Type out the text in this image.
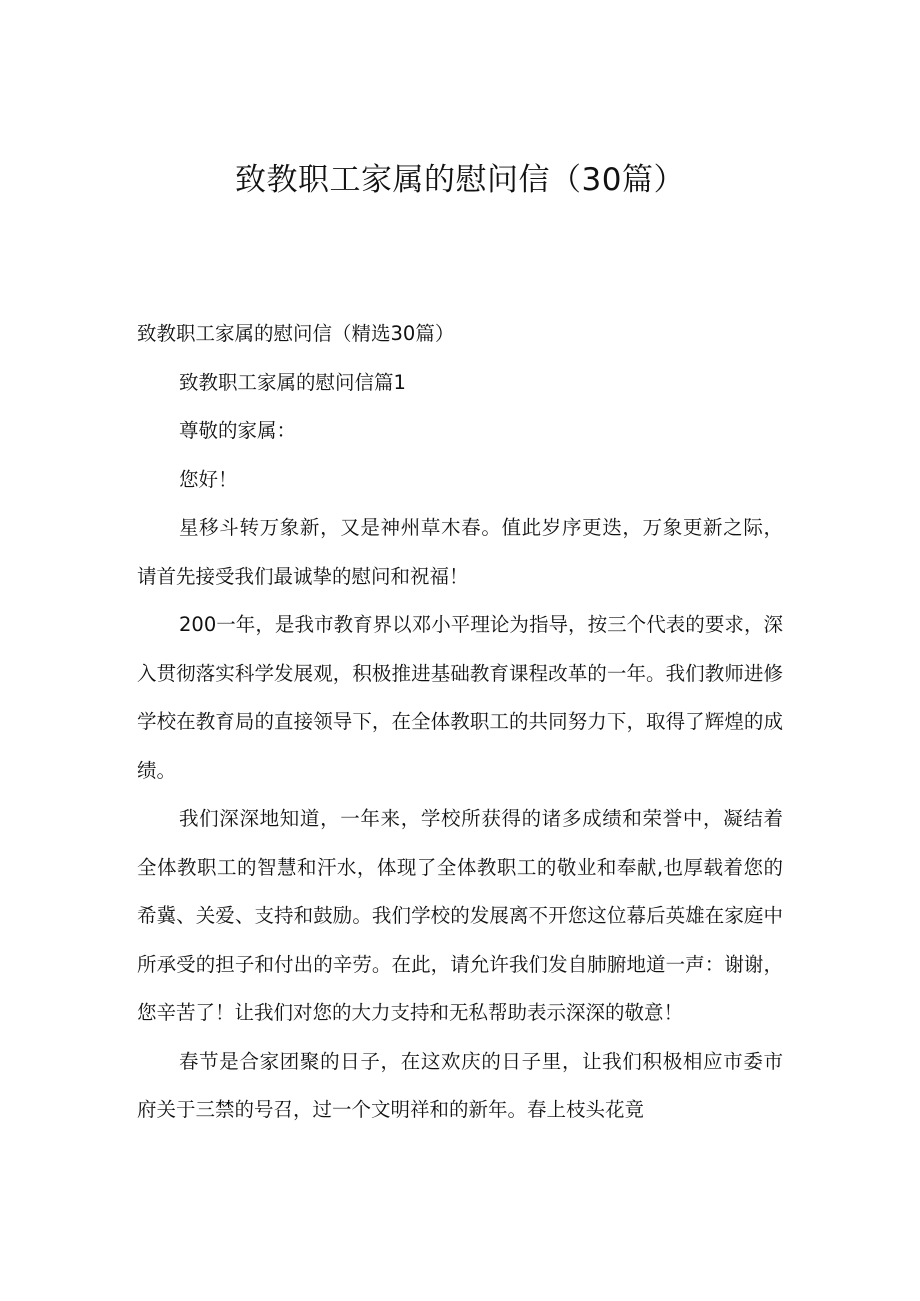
致教职工家属的慰问信（30篇）

致教职工家属的慰问信（精选30篇）

致教职工家属的慰问信篇1

尊敬的家属：

您好！

星移斗转万象新，又是神州草木春。值此岁序更迭，万象更新之际，请首先接受我们最诚挚的慰问和祝福！

200一年，是我市教育界以邓小平理论为指导，按三个代表的要求，深入贯彻落实科学发展观，积极推进基础教育课程改革的一年。我们教师进修学校在教育局的直接领导下，在全体教职工的共同努力下，取得了辉煌的成绩。

我们深深地知道，一年来，学校所获得的诸多成绩和荣誉中，凝结着全体教职工的智慧和汗水，体现了全体教职工的敬业和奉献,也厚载着您的希冀、关爱、支持和鼓励。我们学校的发展离不开您这位幕后英雄在家庭中所承受的担子和付出的辛劳。在此，请允许我们发自肺腑地道一声：谢谢，您辛苦了！让我们对您的大力支持和无私帮助表示深深的敬意！

春节是合家团聚的日子，在这欢庆的日子里，让我们积极相应市委市府关于三禁的号召，过一个文明祥和的新年。春上枝头花竟
